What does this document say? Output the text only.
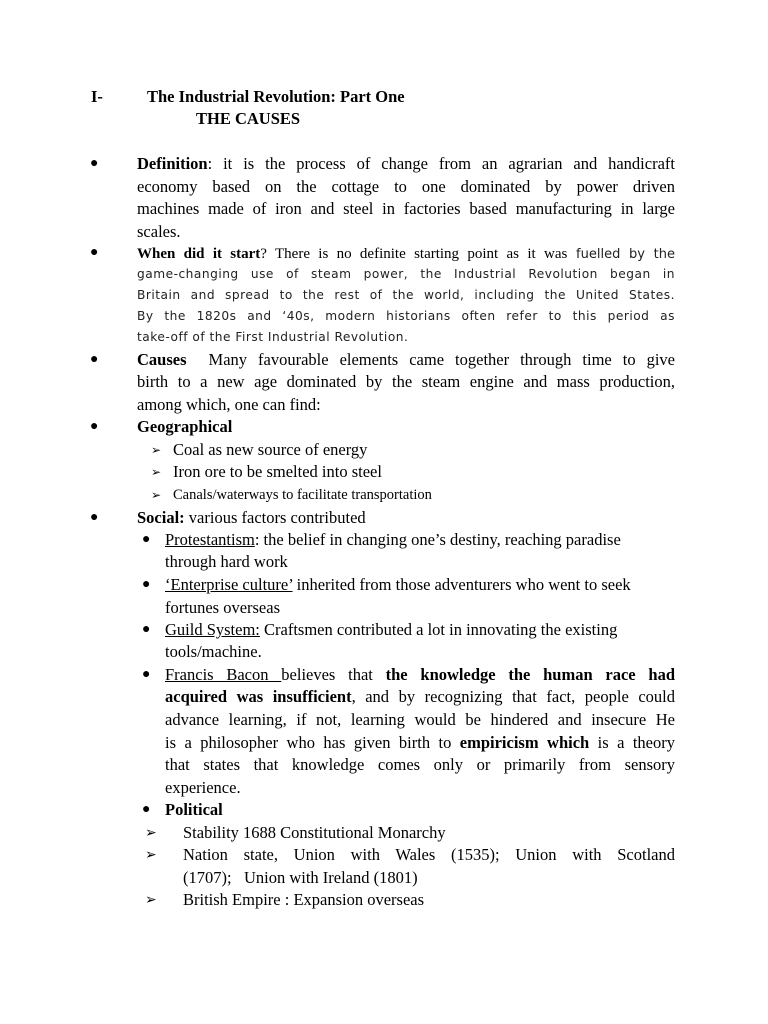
I-	The Industrial Revolution: Part One
THE CAUSES
● Definition: it is the process of change from an agrarian and handicraft
economy based on the cottage to one dominated by power driven
machines made of iron and steel in factories based manufacturing in large
scales.
●	When did it start? There is no definite starting point as it was fuelled by the
game-changing use of steam power, the Industrial Revolution began in
Britain and spread to the rest of the world, including the United States.
By the 1820s and ‘40s, modern historians often refer to this period as
take-off of the First Industrial Revolution.
● Causes Many favourable elements came together through time to give
birth to a new age dominated by the steam engine and mass production,
among which, one can find:
● Geographical
➢ Coal as new source of energy
➢ Iron ore to be smelted into steel
➢ Canals/waterways to facilitate transportation
● Social: various factors contributed
● Protestantism: the belief in changing one’s destiny, reaching paradise
through hard work
● ‘Enterprise culture’ inherited from those adventurers who went to seek
fortunes overseas
● Guild System: Craftsmen contributed a lot in innovating the existing
tools/machine.
● Francis Bacon believes that the knowledge the human race had
acquired was insufficient, and by recognizing that fact, people could
advance learning, if not, learning would be hindered and insecure He
is a philosopher who has given birth to empiricism which is a theory
that states that knowledge comes only or primarily from sensory
experience.
● Political
➢ Stability 1688 Constitutional Monarchy
➢ Nation state, Union with Wales (1535); Union with Scotland
(1707);   Union with Ireland (1801)
➢ British Empire : Expansion overseas
